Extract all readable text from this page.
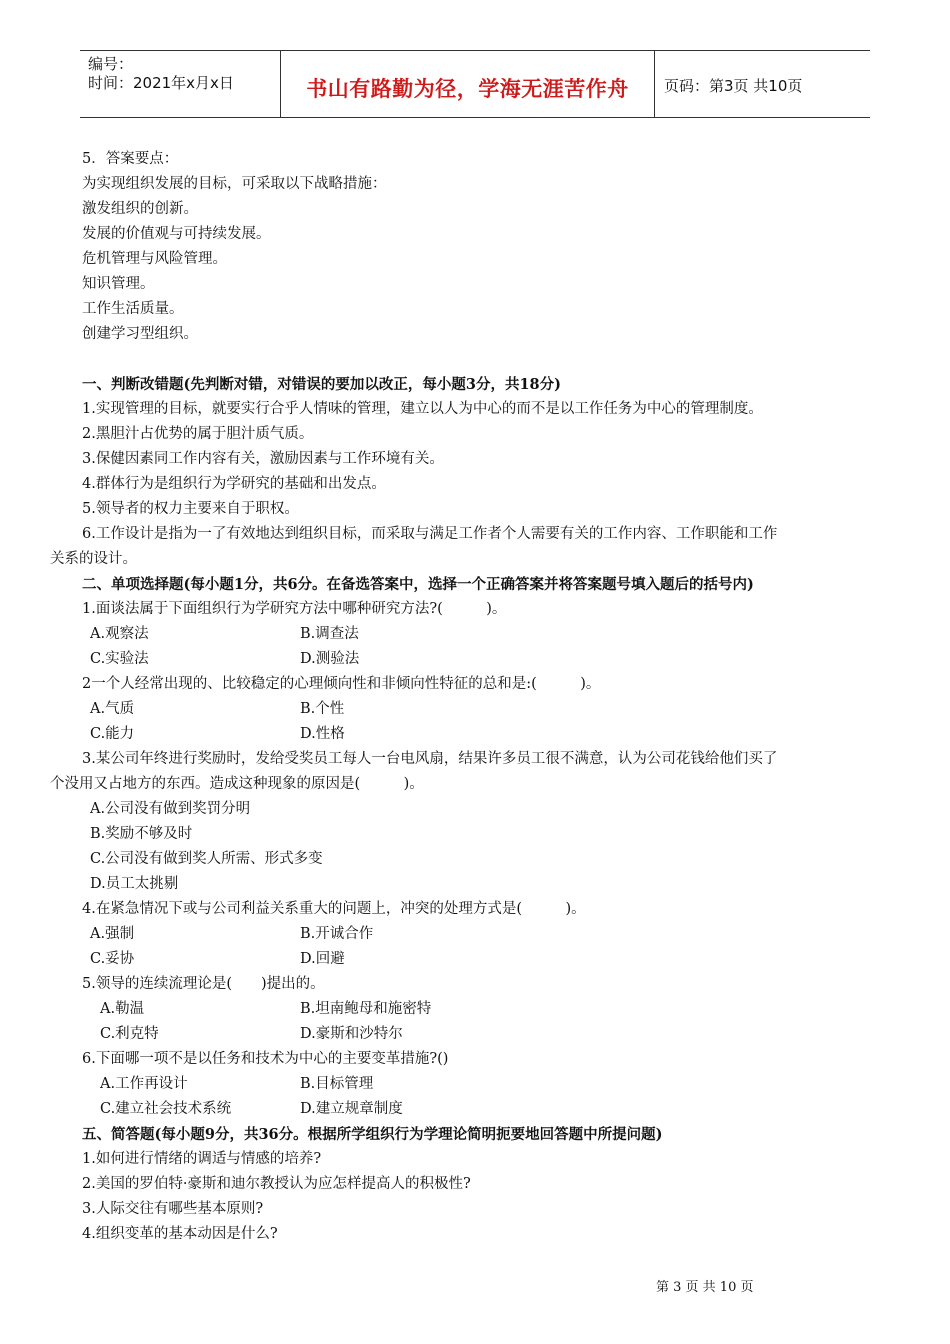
编号：
时间：2021年x月x日	书山有路勤为径，学海无涯苦作舟	页码：第3页 共10页
5．答案要点：
为实现组织发展的目标，可采取以下战略措施：
激发组织的创新。
发展的价值观与可持续发展。
危机管理与风险管理。
知识管理。
工作生活质量。
创建学习型组织。
一、判断改错题(先判断对错，对错误的要加以改正，每小题3分，共18分)
1.实现管理的目标，就要实行合乎人情味的管理，建立以人为中心的而不是以工作任务为中心的管理制度。
2.黑胆汁占优势的属于胆汁质气质。
3.保健因素同工作内容有关，激励因素与工作环境有关。
4.群体行为是组织行为学研究的基础和出发点。
5.领导者的权力主要来自于职权。
6.工作设计是指为一了有效地达到组织目标，而采取与满足工作者个人需要有关的工作内容、工作职能和工作
关系的设计。
二、单项选择题(每小题1分，共6分。在备选答案中，选择一个正确答案并将答案题号填入题后的括号内)
1.面谈法属于下面组织行为学研究方法中哪种研究方法?(　　　)。
A.观察法	B.调查法
C.实验法	D.测验法
2一个人经常出现的、比较稳定的心理倾向性和非倾向性特征的总和是:(　　　)。
A.气质	B.个性
C.能力	D.性格
3.某公司年终进行奖励时，发给受奖员工每人一台电风扇，结果许多员工很不满意，认为公司花钱给他们买了
个没用又占地方的东西。造成这种现象的原因是(　　　)。
A.公司没有做到奖罚分明
B.奖励不够及时
C.公司没有做到奖人所需、形式多变
D.员工太挑剔
4.在紧急情况下或与公司利益关系重大的问题上，冲突的处理方式是(　　　)。
A.强制	B.开诚合作
C.妥协	D.回避
5.领导的连续流理论是(　　)提出的。
A.勒温	B.坦南鲍母和施密特
C.利克特	D.豪斯和沙特尔
6.下面哪一项不是以任务和技术为中心的主要变革措施?()
A.工作再设计	B.目标管理
C.建立社会技术系统	D.建立规章制度
五、简答题(每小题9分，共36分。根据所学组织行为学理论简明扼要地回答题中所提问题)
1.如何进行情绪的调适与情感的培养?
2.美国的罗伯特·豪斯和迪尔教授认为应怎样提高人的积极性?
3.人际交往有哪些基本原则?
4.组织变革的基本动因是什么?
第 3 页 共 10 页
